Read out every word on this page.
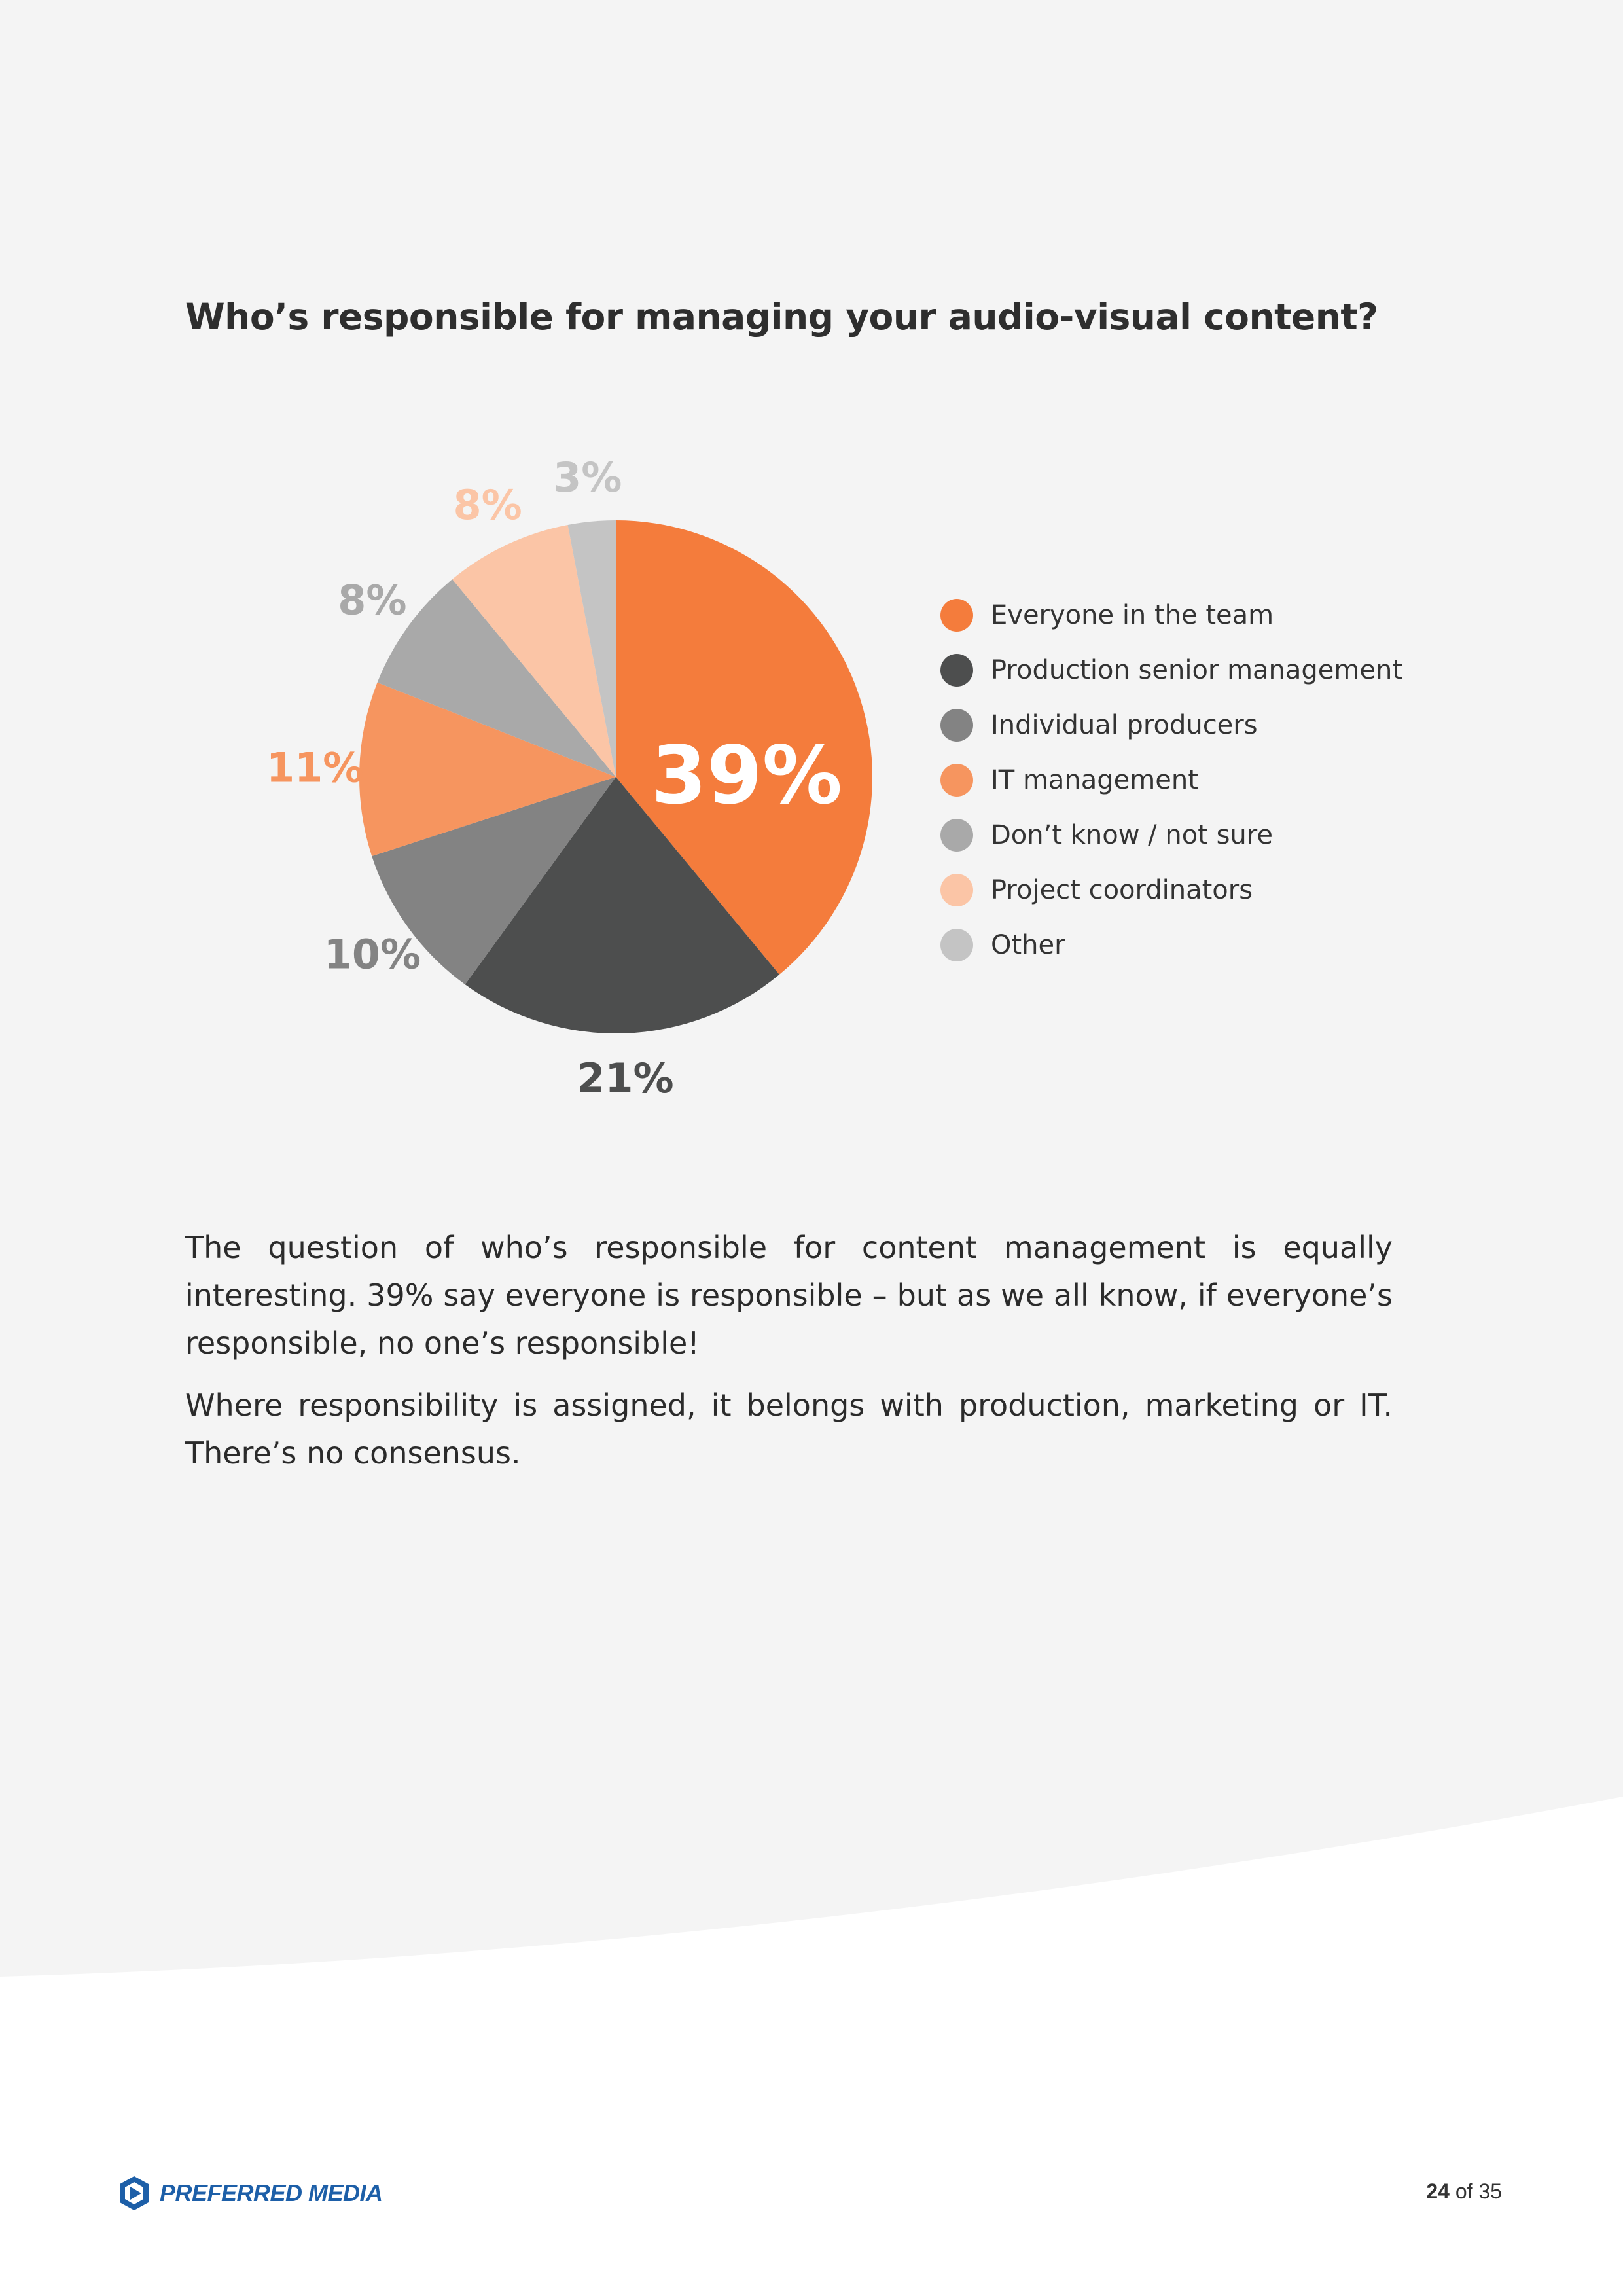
Who’s responsible for managing your audio-visual content?
39%
21%
10%
11%
8%
8%
3%
Everyone in the team
Production senior management
Individual producers
IT management
Don’t know / not sure
Project coordinators
Other

The question of who’s responsible for content management is equally interesting. 39% say everyone is responsible – but as we all know, if everyone’s responsible, no one’s responsible!

Where responsibility is assigned, it belongs with production, marketing or IT. There’s no consensus.

PREFERRED MEDIA	24 of 35
